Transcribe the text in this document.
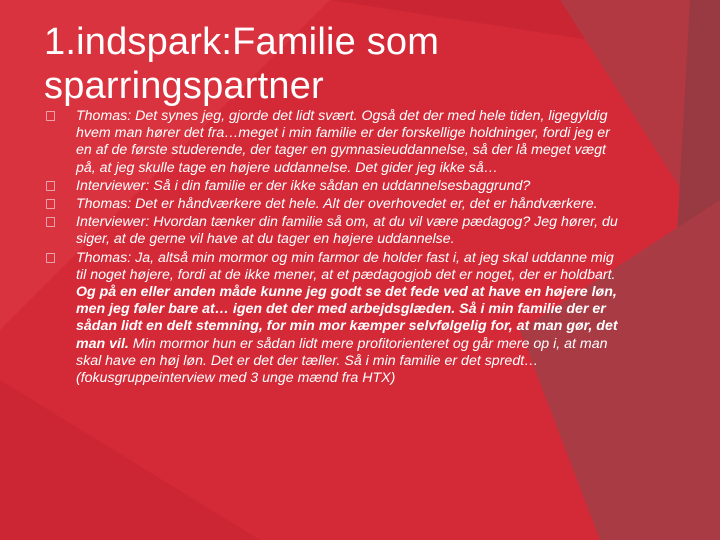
1.indspark:Familie som sparringspartner
Thomas: Det synes jeg, gjorde det lidt svært. Også det der med hele tiden, ligegyldig hvem man hører det fra…meget i min familie er der forskellige holdninger, fordi jeg er en af de første studerende, der tager en gymnasieuddannelse, så der lå meget vægt på, at jeg skulle tage en højere uddannelse. Det gider jeg ikke så…
Interviewer: Så i din familie er der ikke sådan en uddannelsesbaggrund?
Thomas: Det er håndværkere det hele. Alt der overhovedet er, det er håndværkere.
Interviewer: Hvordan tænker din familie så om, at du vil være pædagog? Jeg hører, du siger, at de gerne vil have at du tager en højere uddannelse.
Thomas: Ja, altså min mormor og min farmor de holder fast i, at jeg skal uddanne mig til noget højere, fordi at de ikke mener, at et pædagogjob det er noget, der er holdbart. Og på en eller anden måde kunne jeg godt se det fede ved at have en højere løn, men jeg føler bare at… igen det der med arbejdsglæden. Så i min familie der er sådan lidt en delt stemning, for min mor kæmper selvfølgelig for, at man gør, det man vil. Min mormor hun er sådan lidt mere profitorienteret og går mere op i, at man skal have en høj løn. Det er det der tæller. Så i min familie er det spredt… (fokusgruppeinterview med 3 unge mænd fra HTX)
